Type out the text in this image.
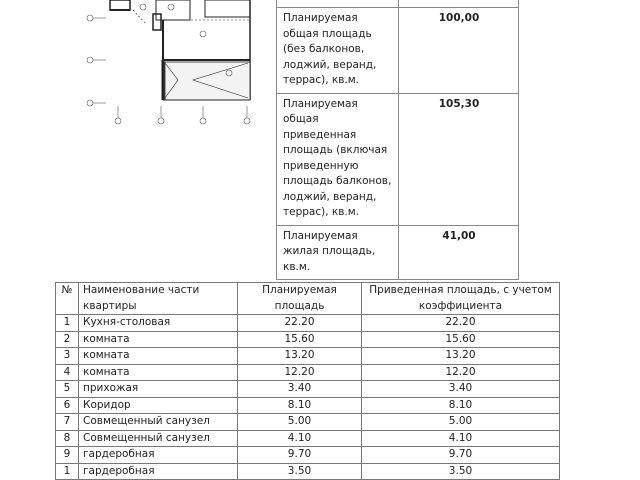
Планируемая общая площадь (без балконов, лоджий, веранд, террас), кв.м.	100,00
Планируемая общая приведенная площадь (включая приведенную площадь балконов, лоджий, веранд, террас), кв.м.	105,30
Планируемая жилая площадь, кв.м.	41,00
№	Наименование части квартиры	Планируемая площадь	Приведенная площадь, с учетом коэффициента
1	Кухня-столовая	22.20	22.20
2	комната	15.60	15.60
3	комната	13.20	13.20
4	комната	12.20	12.20
5	прихожая	3.40	3.40
6	Коридор	8.10	8.10
7	Совмещенный санузел	5.00	5.00
8	Совмещенный санузел	4.10	4.10
9	гардеробная	9.70	9.70
1	гардеробная	3.50	3.50
